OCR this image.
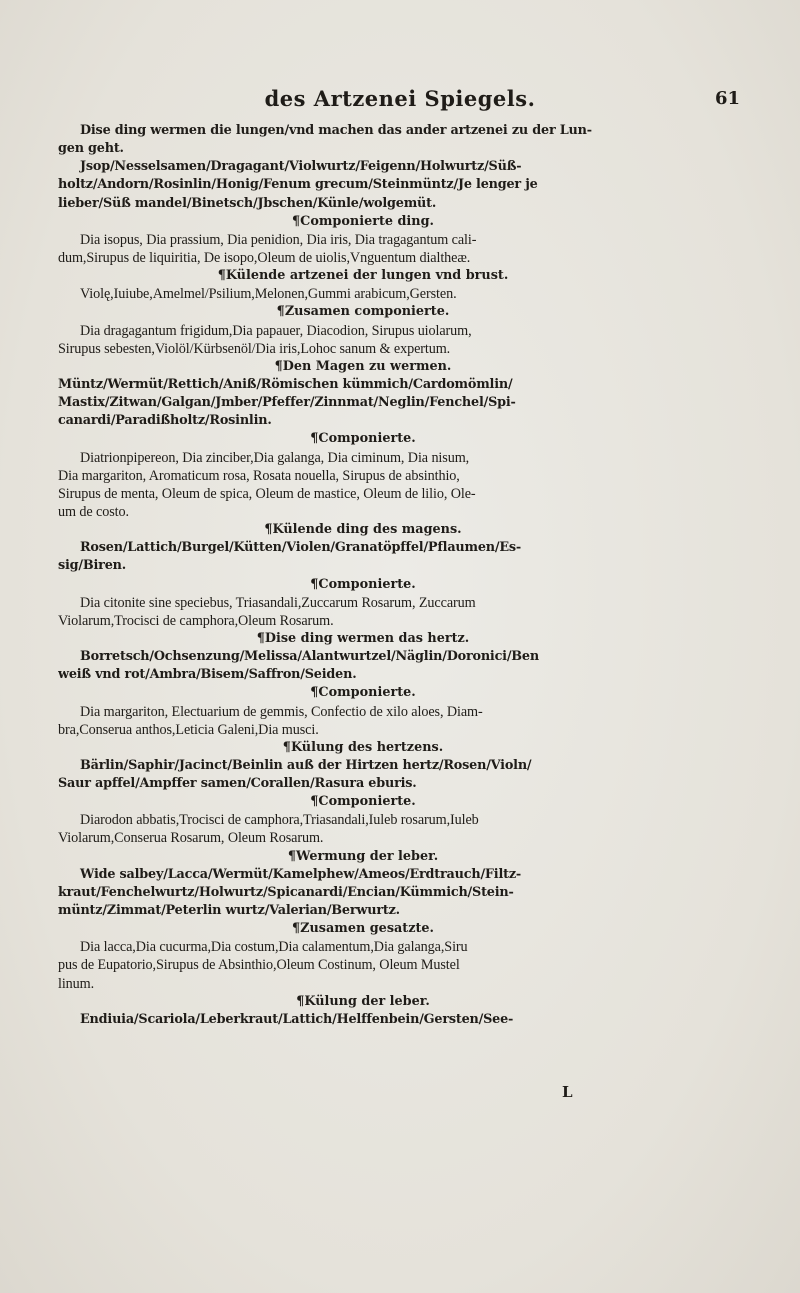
des Artzenei Spiegels.	61
Dise ding wermen die lungen/vnd machen das ander artzenei zu der Lun-
gen geht.
Jsop/Nesselsamen/Dragagant/Violwurtz/Feigenn/Holwurtz/Süß-
holtz/Andorn/Rosinlin/Honig/Fenum grecum/Steinmüntz/Je lenger je
lieber/Süß mandel/Binetsch/Jbschen/Künle/wolgemüt.
¶Componierte ding.
Dia isopus, Dia prassium, Dia penidion, Dia iris, Dia tragagantum cali-
dum,Sirupus de liquiritia, De isopo,Oleum de uiolis,Vnguentum dialtheæ.
¶Külende artzenei der lungen vnd brust.
Violę,Iuiube,Amelmel/Psilium,Melonen,Gummi arabicum,Gersten.
¶Zusamen componierte.
Dia dragagantum frigidum,Dia papauer, Diacodion, Sirupus uiolarum,
Sirupus sebesten,Violöl/Kürbsenöl/Dia iris,Lohoc sanum & expertum.
¶Den Magen zu wermen.
Müntz/Wermüt/Rettich/Aniß/Römischen kümmich/Cardomömlin/
Mastix/Zitwan/Galgan/Jmber/Pfeffer/Zinnmat/Neglin/Fenchel/Spi-
canardi/Paradißholtz/Rosinlin.
¶Componierte.
Diatrionpipereon, Dia zinciber,Dia galanga, Dia ciminum, Dia nisum,
Dia margariton, Aromaticum rosa, Rosata nouella, Sirupus de absinthio,
Sirupus de menta, Oleum de spica, Oleum de mastice, Oleum de lilio, Ole-
um de costo.
¶Külende ding des magens.
Rosen/Lattich/Burgel/Kütten/Violen/Granatöpffel/Pflaumen/Es-
sig/Biren.
¶Componierte.
Dia citonite sine speciebus, Triasandali,Zuccarum Rosarum, Zuccarum
Violarum,Trocisci de camphora,Oleum Rosarum.
¶Dise ding wermen das hertz.
Borretsch/Ochsenzung/Melissa/Alantwurtzel/Näglin/Doronici/Ben
weiß vnd rot/Ambra/Bisem/Saffron/Seiden.
¶Componierte.
Dia margariton, Electuarium de gemmis, Confectio de xilo aloes, Diam-
bra,Conserua anthos,Leticia Galeni,Dia musci.
¶Külung des hertzens.
Bärlin/Saphir/Jacinct/Beinlin auß der Hirtzen hertz/Rosen/Violn/
Saur apffel/Ampffer samen/Corallen/Rasura eburis.
¶Componierte.
Diarodon abbatis,Trocisci de camphora,Triasandali,Iuleb rosarum,Iuleb
Violarum,Conserua Rosarum, Oleum Rosarum.
¶Wermung der leber.
Wide salbey/Lacca/Wermüt/Kamelphew/Ameos/Erdtrauch/Filtz-
kraut/Fenchelwurtz/Holwurtz/Spicanardi/Encian/Kümmich/Stein-
müntz/Zimmat/Peterlin wurtz/Valerian/Berwurtz.
¶Zusamen gesatzte.
Dia lacca,Dia cucurma,Dia costum,Dia calamentum,Dia galanga,Siru
pus de Eupatorio,Sirupus de Absinthio,Oleum Costinum, Oleum Mustel
linum.
¶Külung der leber.
Endiuia/Scariola/Leberkraut/Lattich/Helffenbein/Gersten/See-
L
